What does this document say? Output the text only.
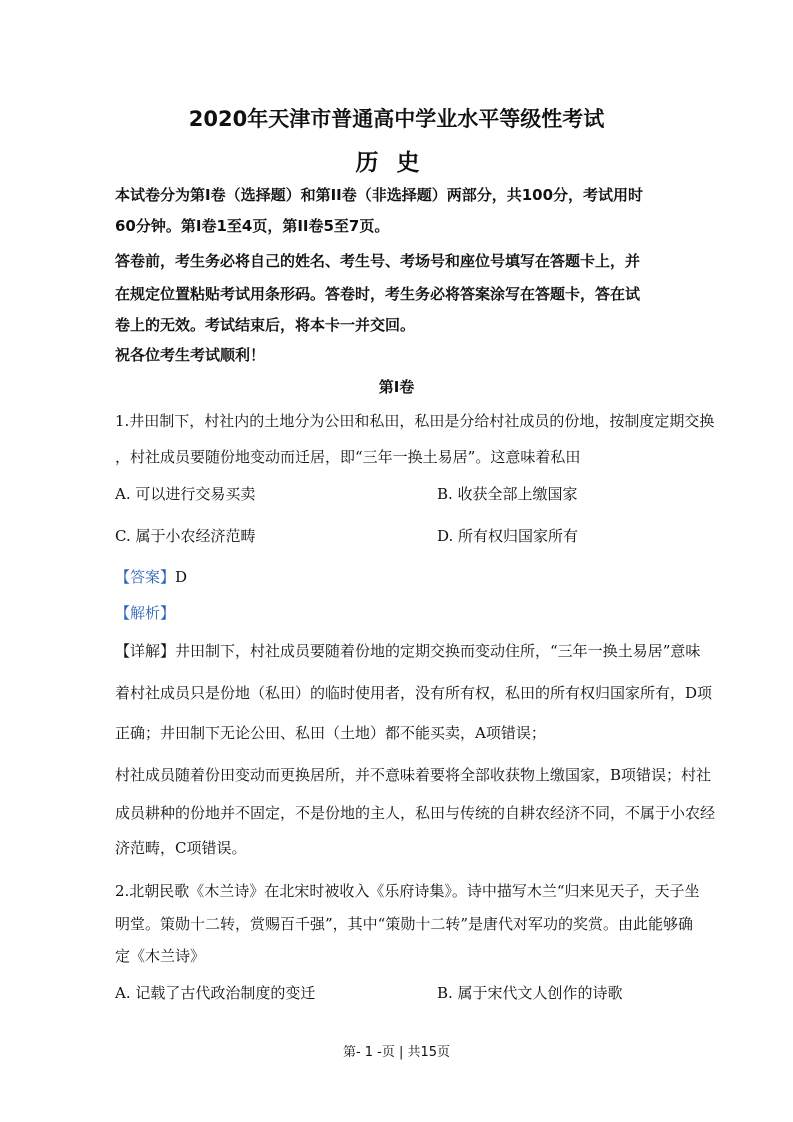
2020年天津市普通高中学业水平等级性考试
历史
本试卷分为第I卷（选择题）和第II卷（非选择题）两部分，共100分，考试用时
60分钟。第I卷1至4页，第II卷5至7页。
答卷前，考生务必将自己的姓名、考生号、考场号和座位号填写在答题卡上，并
在规定位置粘贴考试用条形码。答卷时，考生务必将答案涂写在答题卡，答在试
卷上的无效。考试结束后，将本卡一并交回。
祝各位考生考试顺利！
第I卷
1.井田制下，村社内的土地分为公田和私田，私田是分给村社成员的份地，按制度定期交换
，村社成员要随份地变动而迁居，即“三年一换土易居”。这意味着私田
A. 可以进行交易买卖	B. 收获全部上缴国家
C. 属于小农经济范畴	D. 所有权归国家所有
【答案】D
【解析】
【详解】井田制下，村社成员要随着份地的定期交换而变动住所，“三年一换土易居”意味
着村社成员只是份地（私田）的临时使用者，没有所有权，私田的所有权归国家所有，D项
正确；井田制下无论公田、私田（土地）都不能买卖，A项错误；
村社成员随着份田变动而更换居所，并不意味着要将全部收获物上缴国家，B项错误；村社
成员耕种的份地并不固定，不是份地的主人，私田与传统的自耕农经济不同，不属于小农经
济范畴，C项错误。
2.北朝民歌《木兰诗》在北宋时被收入《乐府诗集》。诗中描写木兰“归来见天子，天子坐
明堂。策勋十二转，赏赐百千强”，其中“策勋十二转”是唐代对军功的奖赏。由此能够确
定《木兰诗》
A. 记载了古代政治制度的变迁	B. 属于宋代文人创作的诗歌
第- 1 -页 | 共15页
